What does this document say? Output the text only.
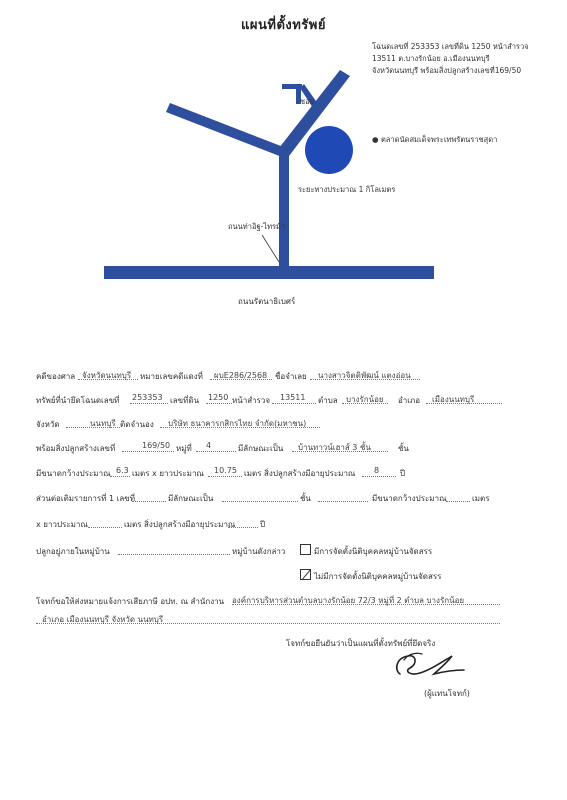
แผนที่ตั้งทรัพย์
โฉนดเลขที่ 253353 เลขที่ดิน 1250 หน้าสำรวจ
13511 ต.บางรักน้อย อ.เมืองนนทบุรี
จังหวัดนนทบุรี พร้อมสิ่งปลูกสร้างเลขที่169/50
ซอย
● ตลาดนัดสมเด็จพระเทพรัตนราชสุดา
ระยะทางประมาณ 1 กิโลเมตร
ถนนท่าอิฐ-ไทรม้า
ถนนรัตนาธิเบศร์
คดีของศาล จังหวัดนนทบุรี หมายเลขคดีแดงที่ ผบE286/2568 ชื่อจำเลย นางสาวจิตติพัฒน์ แตงอ่อน
ทรัพย์ที่นำยึดโฉนดเลขที่ 253353 เลขที่ดิน 1250 หน้าสำรวจ 13511 ตำบล บางรักน้อย อำเภอ เมืองนนทบุรี
จังหวัด	นนทบุรี ติดจำนอง บริษัท ธนาคารกสิกรไทย จำกัด(มหาชน)
พร้อมสิ่งปลูกสร้างเลขที่	169/50 หมู่ที่ 4	มีลักษณะเป็น บ้านทาวน์เฮาส์ 3 ชั้น	ชั้น
มีขนาดกว้างประมาณ 6.3 เมตร x ยาวประมาณ 10.75 เมตร สิ่งปลูกสร้างมีอายุประมาณ 8	ปี
ส่วนต่อเติมรายการที่ 1 เลขที่	มีลักษณะเป็น	ชั้น	มีขนาดกว้างประมาณ	เมตร
x ยาวประมาณ	เมตร สิ่งปลูกสร้างมีอายุประมาณ	ปี
ปลูกอยู่ภายในหมู่บ้าน	หมู่บ้านดังกล่าว	มีการจัดตั้งนิติบุคคลหมู่บ้านจัดสรร
ไม่มีการจัดตั้งนิติบุคคลหมู่บ้านจัดสรร
โจทก์ขอให้ส่งหมายแจ้งการเสียภาษี อปท. ณ สำนักงาน องค์การบริหารส่วนตำบลบางรักน้อย 72/3 หมู่ที่ 2 ตำบล บางรักน้อย
อำเภอ เมืองนนทบุรี จังหวัด นนทบุรี
โจทก์ขอยืนยันว่าเป็นแผนที่ตั้งทรัพย์ที่ยึดจริง
(ผู้แทนโจทก์)
